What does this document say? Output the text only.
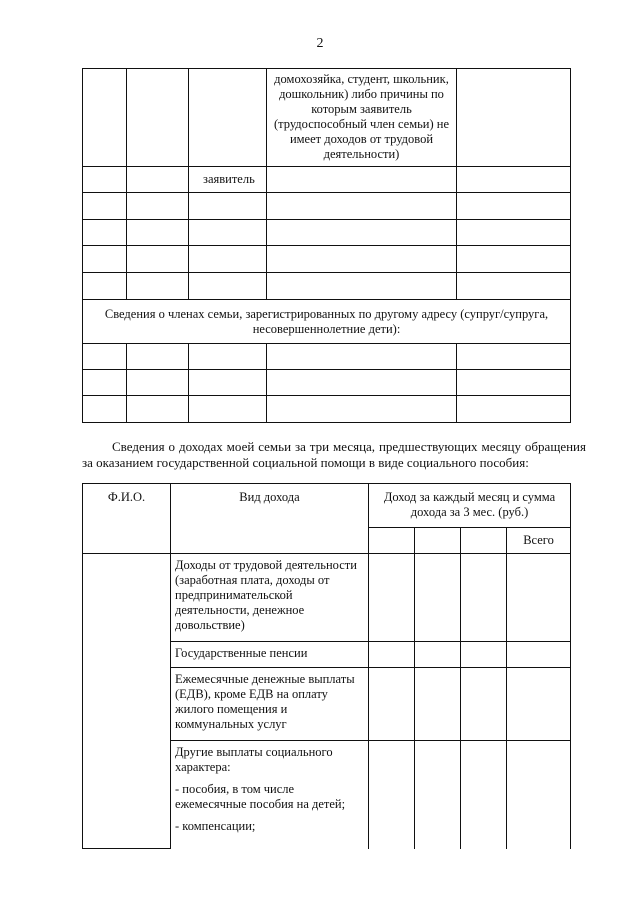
2
			домохозяйка, студент, школьник, дошкольник) либо причины по которым заявитель (трудоспособный член семьи) не имеет доходов от трудовой деятельности)	
		заявитель		

Сведения о членах семьи, зарегистрированных по другому адресу (супруг/супруга, несовершеннолетние дети):				

Сведения о доходах моей семьи за три месяца, предшествующих месяцу обращения за оказанием государственной социальной помощи в виде социального пособия:
Ф.И.О.	Вид дохода	Доход за каждый месяц и сумма дохода за 3 мес. (руб.)			
					Всего
	Доходы от трудовой деятельности (заработная плата, доходы от предпринимательской деятельности, денежное довольствие)				
	Государственные пенсии				
	Ежемесячные денежные выплаты (ЕДВ), кроме ЕДВ на оплату жилого помещения и коммунальных услуг				

	Другие выплаты социального характера:

- пособия, в том числе ежемесячные пособия на детей;

- компенсации;				
